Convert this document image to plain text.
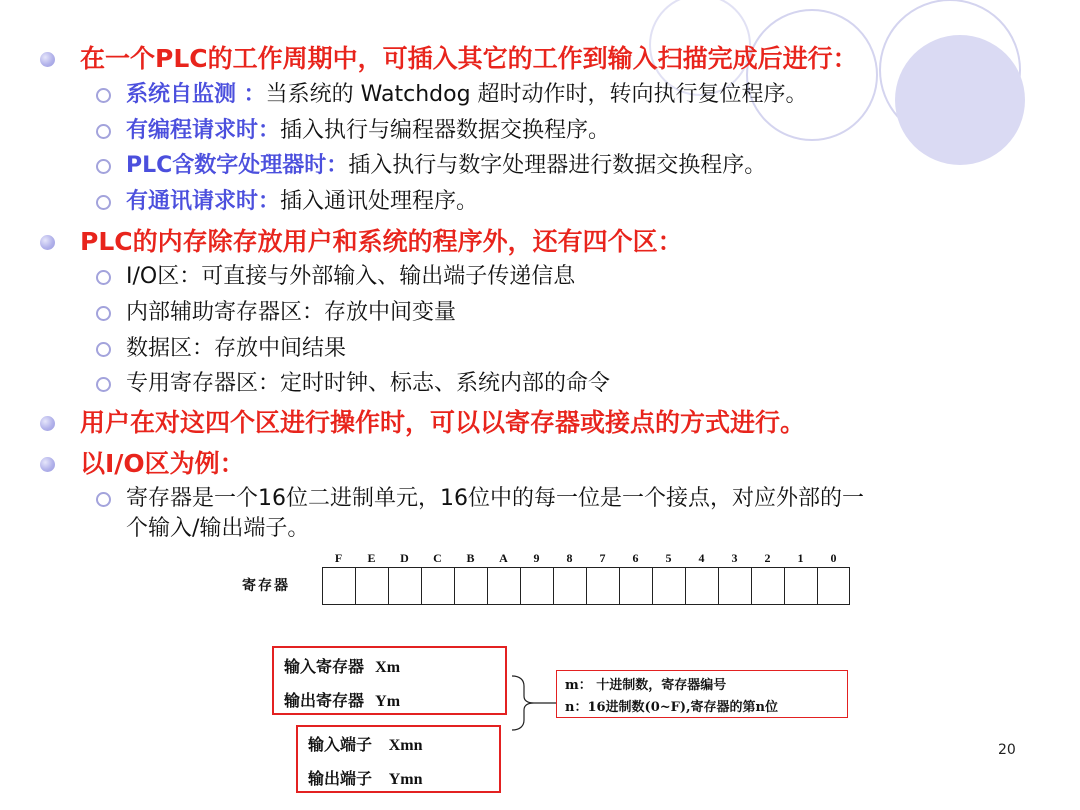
在一个PLC的工作周期中，可插入其它的工作到输入扫描完成后进行：
系统自监测 ：当系统的 Watchdog 超时动作时，转向执行复位程序。
有编程请求时：插入执行与编程器数据交换程序。
PLC含数字处理器时：插入执行与数字处理器进行数据交换程序。
有通讯请求时：插入通讯处理程序。
PLC的内存除存放用户和系统的程序外，还有四个区：
I/O区：可直接与外部输入、输出端子传递信息
内部辅助寄存器区：存放中间变量
数据区：存放中间结果
专用寄存器区：定时时钟、标志、系统内部的命令
用户在对这四个区进行操作时，可以以寄存器或接点的方式进行。
以I/O区为例：
寄存器是一个16位二进制单元，16位中的每一位是一个接点，对应外部的一
个输入/输出端子。
寄存器
F	E	D	C	B	A	9	8	7	6	5	4	3	2	1	0
输入寄存器 Xm
输出寄存器 Ym
输入端子 Xmn
输出端子 Ymn
m： 十进制数，寄存器编号
n：16进制数(0~F),寄存器的第n位
20
